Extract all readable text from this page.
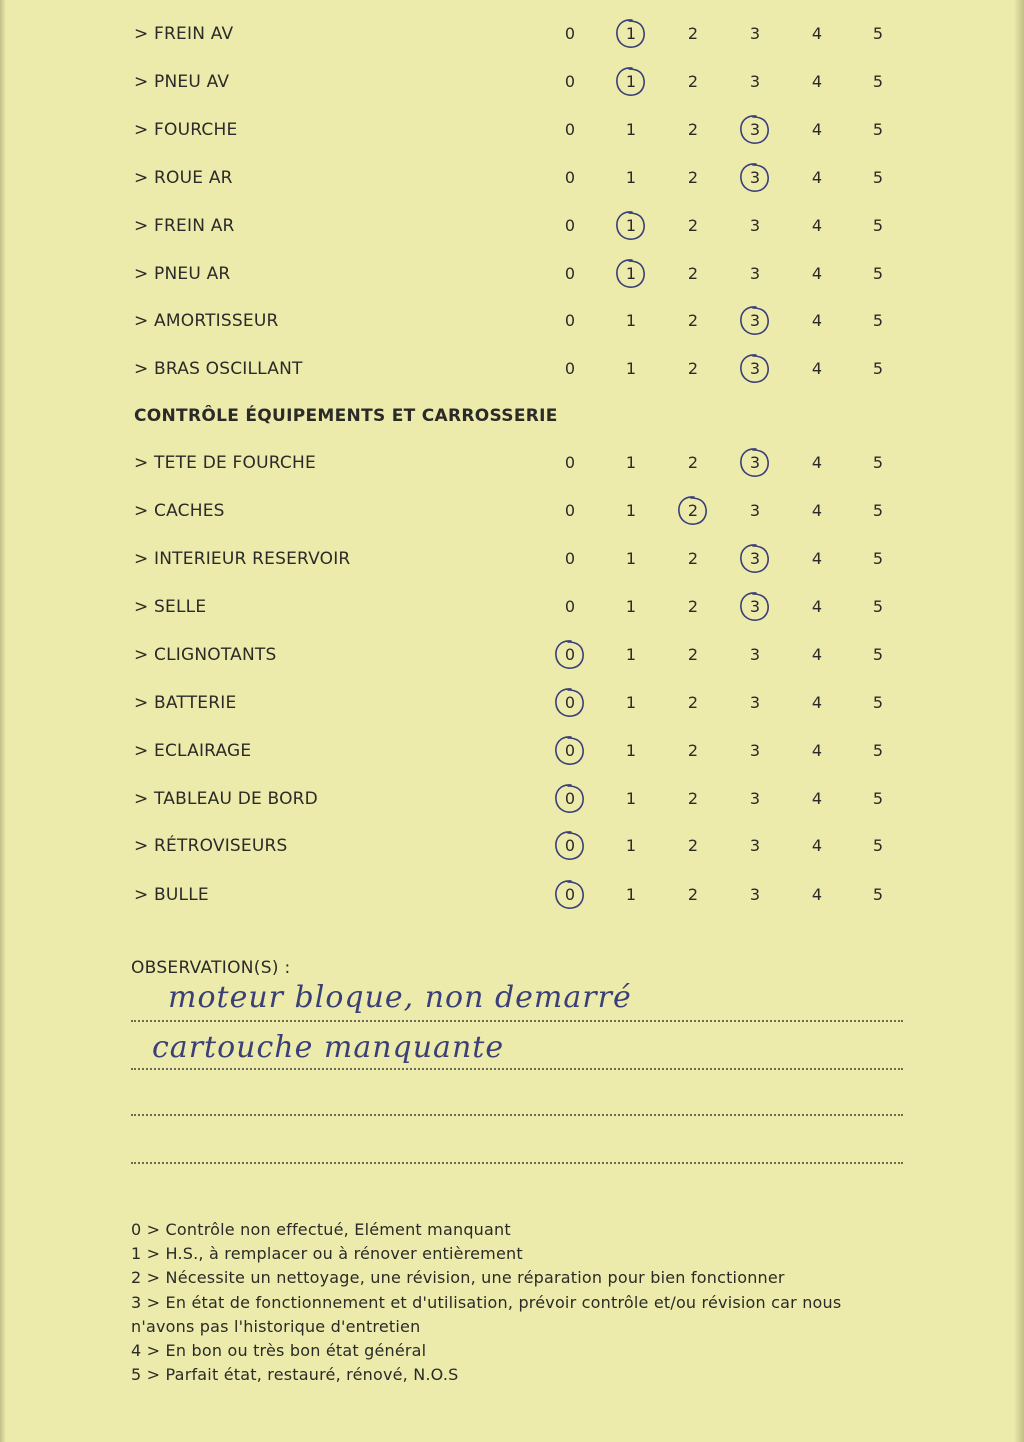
> FREIN AV	0	1	2	3	4	5
> PNEU AV	0	1	2	3	4	5
> FOURCHE	0	1	2	3	4	5
> ROUE AR	0	1	2	3	4	5
> FREIN AR	0	1	2	3	4	5
> PNEU AR	0	1	2	3	4	5
> AMORTISSEUR	0	1	2	3	4	5
> BRAS OSCILLANT	0	1	2	3	4	5
CONTRÔLE ÉQUIPEMENTS ET CARROSSERIE
> TETE DE FOURCHE	0	1	2	3	4	5
> CACHES	0	1	2	3	4	5
> INTERIEUR RESERVOIR	0	1	2	3	4	5
> SELLE	0	1	2	3	4	5
> CLIGNOTANTS	0	1	2	3	4	5
> BATTERIE	0	1	2	3	4	5
> ECLAIRAGE	0	1	2	3	4	5
> TABLEAU DE BORD	0	1	2	3	4	5
> RÉTROVISEURS	0	1	2	3	4	5
> BULLE	0	1	2	3	4	5
OBSERVATION(S) :
moteur bloque, non demarré
cartouche manquante
0 > Contrôle non effectué, Elément manquant
1 > H.S., à remplacer ou à rénover entièrement
2 > Nécessite un nettoyage, une révision, une réparation pour bien fonctionner
3 > En état de fonctionnement et d'utilisation, prévoir contrôle et/ou révision car nous
n'avons pas l'historique d'entretien
4 > En bon ou très bon état général
5 > Parfait état, restauré, rénové, N.O.S
